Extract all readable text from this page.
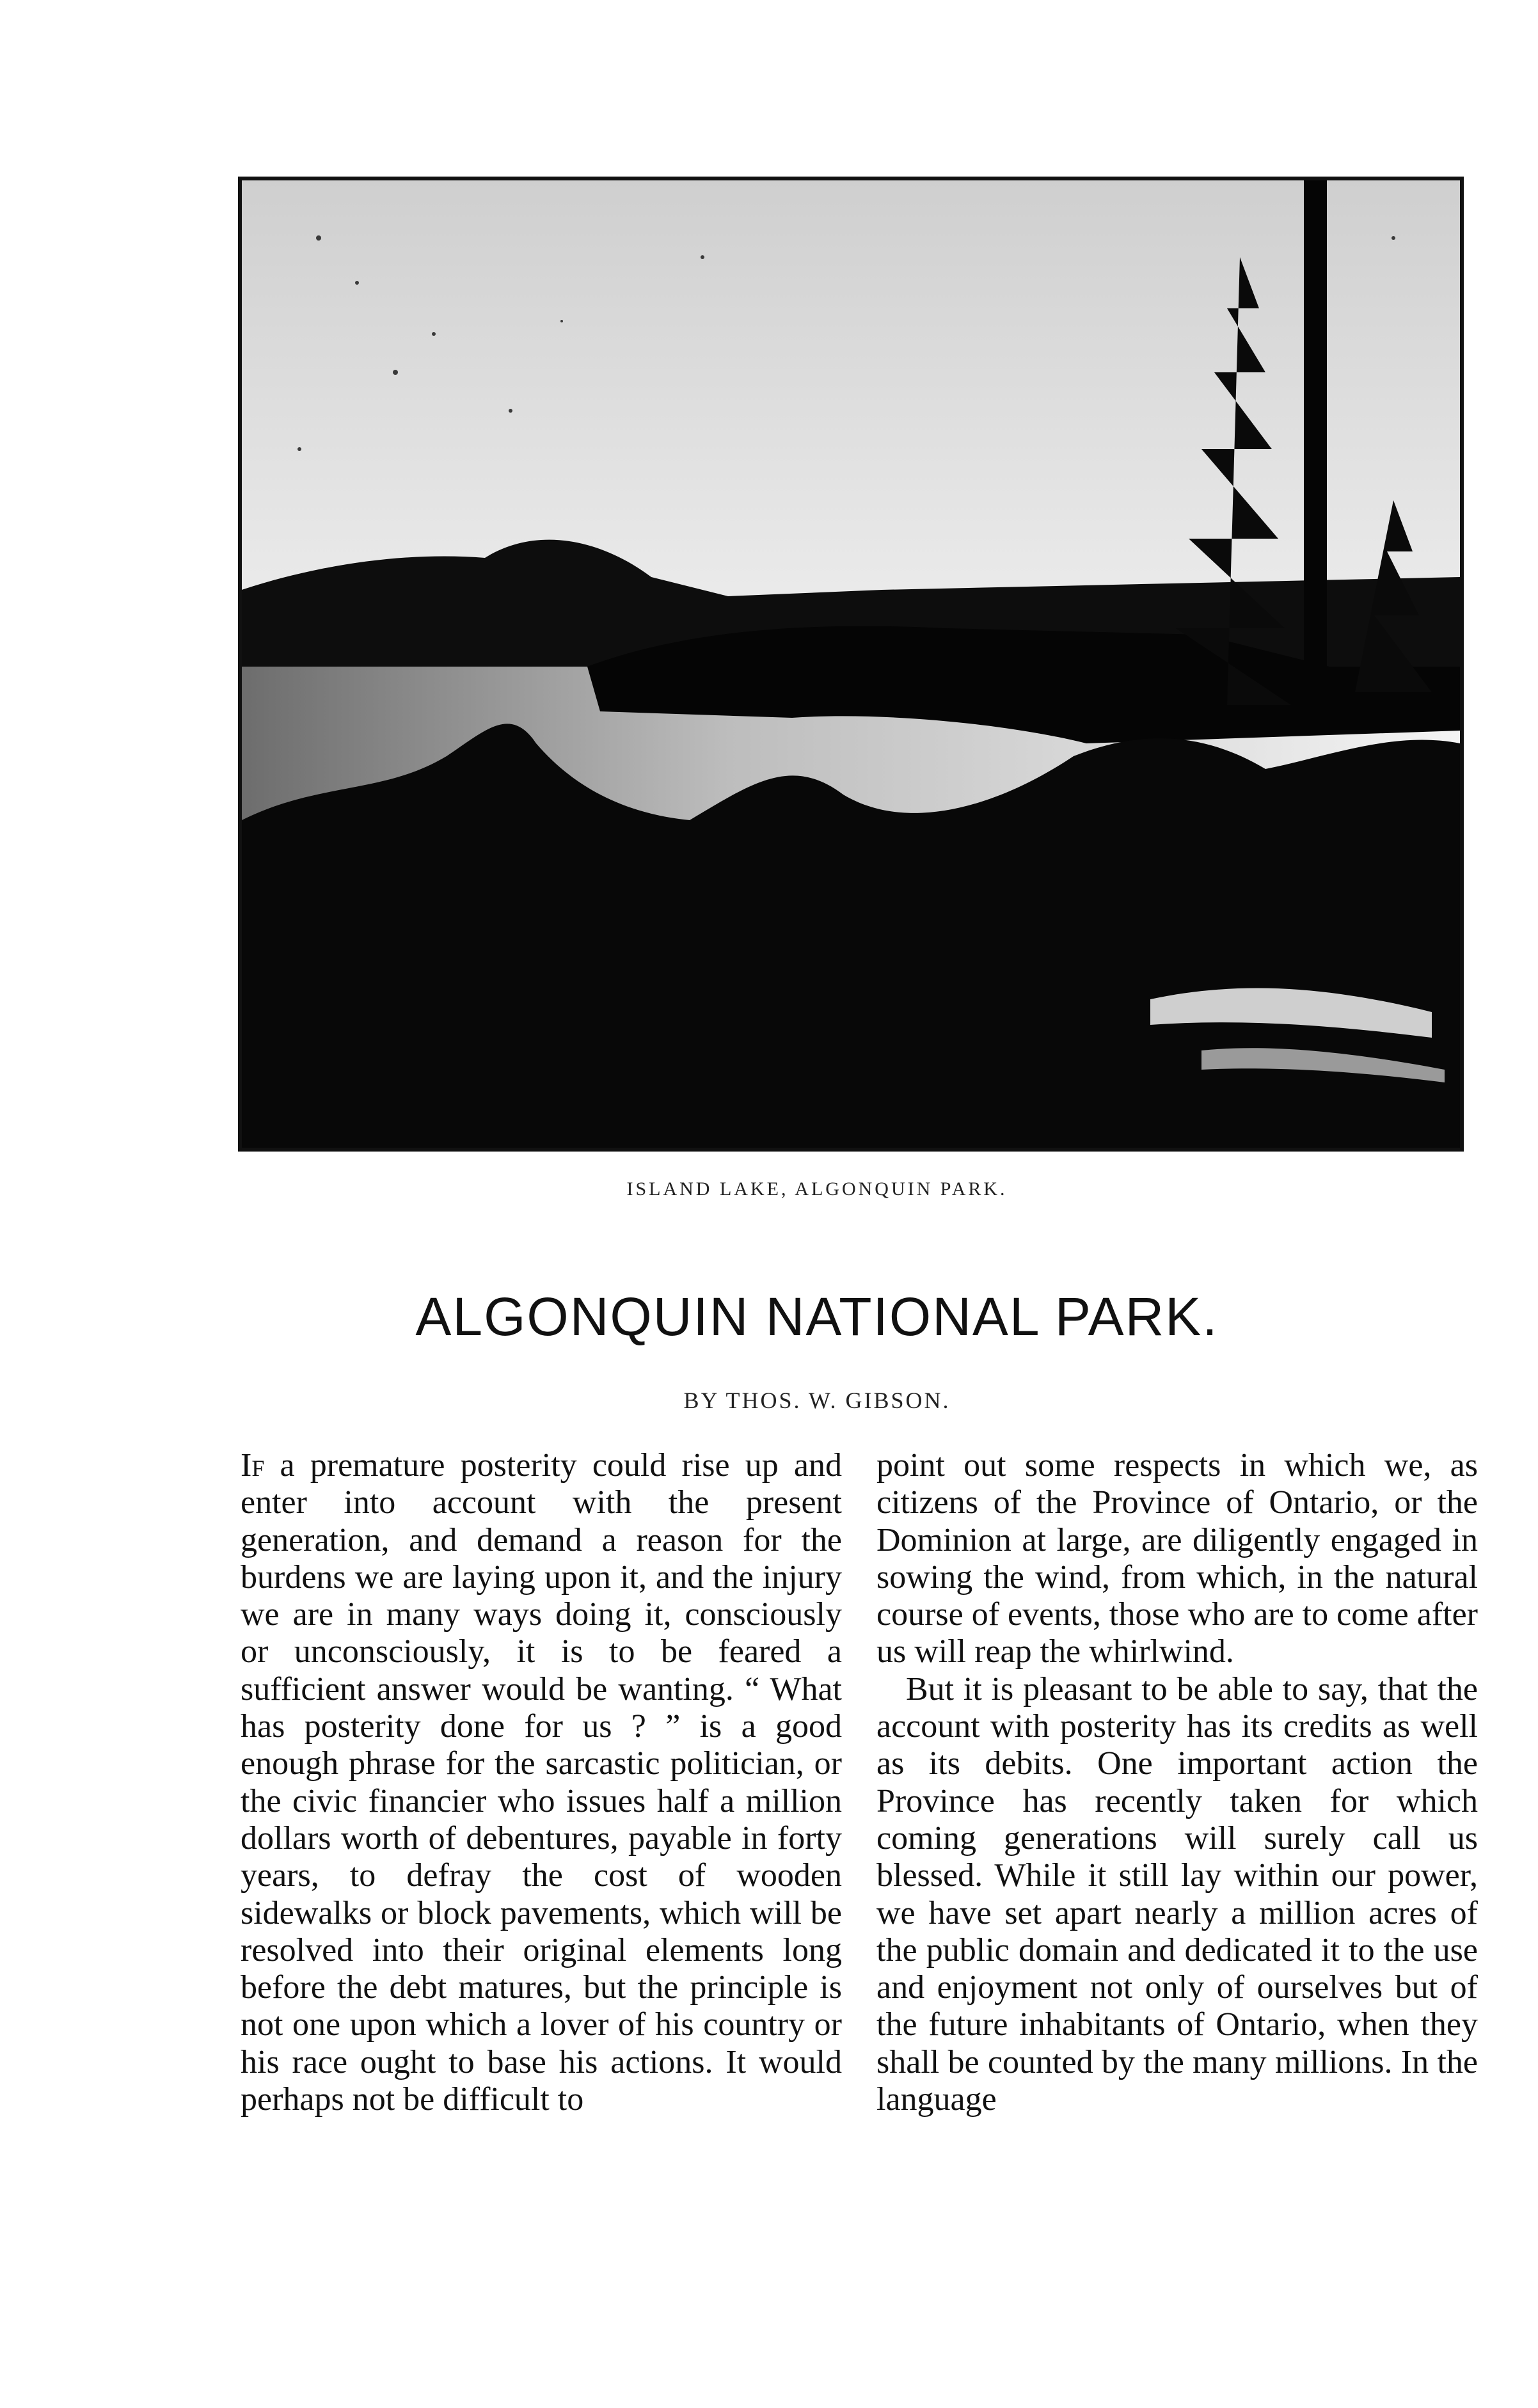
ISLAND LAKE, ALGONQUIN PARK.
ALGONQUIN NATIONAL PARK.
BY THOS. W. GIBSON.

If a premature posterity could rise up and enter into account with the present generation, and demand a reason for the burdens we are laying upon it, and the injury we are in many ways doing it, consciously or unconsciously, it is to be feared a sufficient answer would be wanting. “ What has posterity done for us ? ” is a good enough phrase for the sarcastic politician, or the civic financier who issues half a million dollars worth of debentures, payable in forty years, to defray the cost of wooden sidewalks or block pavements, which will be resolved into their original elements long before the debt matures, but the principle is not one upon which a lover of his country or his race ought to base his actions. It would perhaps not be difficult to

point out some respects in which we, as citizens of the Province of Ontario, or the Dominion at large, are diligently engaged in sowing the wind, from which, in the natural course of events, those who are to come after us will reap the whirlwind.

But it is pleasant to be able to say, that the account with posterity has its credits as well as its debits. One important action the Province has recently taken for which coming generations will surely call us blessed. While it still lay within our power, we have set apart nearly a million acres of the public domain and dedicated it to the use and enjoyment not only of ourselves but of the future inhabitants of Ontario, when they shall be counted by the many millions. In the language
